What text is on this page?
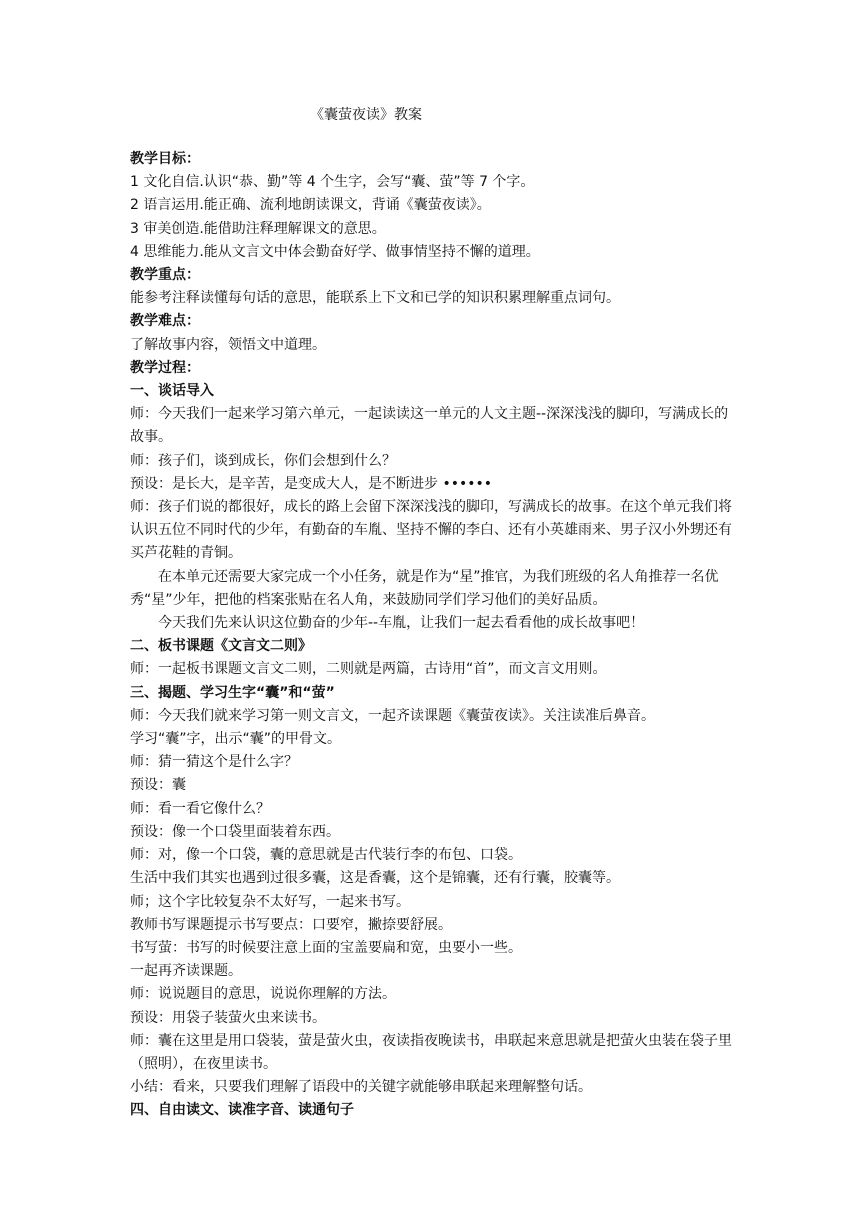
《囊萤夜读》教案
教学目标：
1 文化自信.认识“恭、勤”等 4 个生字，会写“囊、萤”等 7 个字。
2 语言运用.能正确、流利地朗读课文，背诵《囊萤夜读》。
3 审美创造.能借助注释理解课文的意思。
4 思维能力.能从文言文中体会勤奋好学、做事情坚持不懈的道理。
教学重点：
能参考注释读懂每句话的意思，能联系上下文和已学的知识积累理解重点词句。
教学难点：
了解故事内容，领悟文中道理。
教学过程：
一、谈话导入
师：今天我们一起来学习第六单元，一起读读这一单元的人文主题--深深浅浅的脚印，写满成长的故事。
师：孩子们，谈到成长，你们会想到什么？
预设：是长大，是辛苦，是变成大人，是不断进步 ••••••
师：孩子们说的都很好，成长的路上会留下深深浅浅的脚印，写满成长的故事。在这个单元我们将认识五位不同时代的少年，有勤奋的车胤、坚持不懈的李白、还有小英雄雨来、男子汉小外甥还有买芦花鞋的青铜。
在本单元还需要大家完成一个小任务，就是作为“星”推官，为我们班级的名人角推荐一名优秀“星”少年，把他的档案张贴在名人角，来鼓励同学们学习他们的美好品质。
今天我们先来认识这位勤奋的少年--车胤，让我们一起去看看他的成长故事吧！
二、板书课题《文言文二则》
师：一起板书课题文言文二则，二则就是两篇，古诗用“首”，而文言文用则。
三、揭题、学习生字“囊”和“萤”
师：今天我们就来学习第一则文言文，一起齐读课题《囊萤夜读》。关注读准后鼻音。
学习“囊”字，出示“囊”的甲骨文。
师：猜一猜这个是什么字？
预设：囊
师：看一看它像什么？
预设：像一个口袋里面装着东西。
师：对，像一个口袋，囊的意思就是古代装行李的布包、口袋。
生活中我们其实也遇到过很多囊，这是香囊，这个是锦囊，还有行囊，胶囊等。
师；这个字比较复杂不太好写，一起来书写。
教师书写课题提示书写要点：口要窄，撇捺要舒展。
书写萤：书写的时候要注意上面的宝盖要扁和宽，虫要小一些。
一起再齐读课题。
师：说说题目的意思，说说你理解的方法。
预设：用袋子装萤火虫来读书。
师：囊在这里是用口袋装，萤是萤火虫，夜读指夜晚读书，串联起来意思就是把萤火虫装在袋子里（照明），在夜里读书。
小结：看来，只要我们理解了语段中的关键字就能够串联起来理解整句话。
四、自由读文、读准字音、读通句子
